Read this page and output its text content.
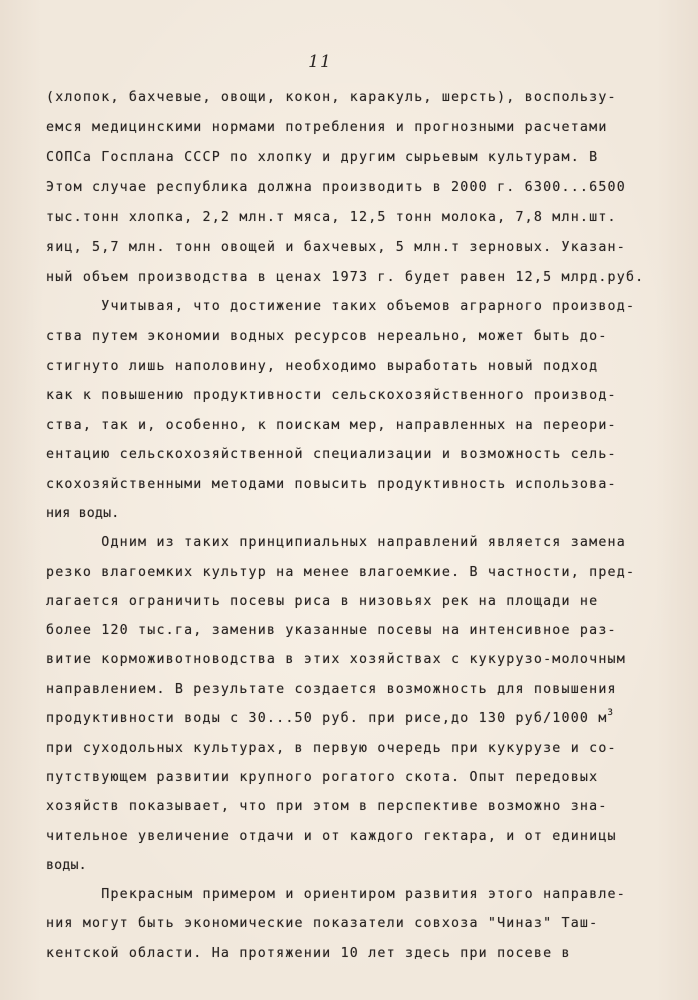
11
(хлопок, бахчевые, овощи, кокон, каракуль, шерсть), воспользу-
емся медицинскими нормами потребления и прогнозными расчетами
СОПСа Госплана СССР по хлопку и другим сырьевым культурам. В
Этом случае республика должна производить в 2000 г. 6300...6500
тыс.тонн хлопка, 2,2 млн.т мяса, 12,5 тонн молока, 7,8 млн.шт.
яиц, 5,7 млн. тонн овощей и бахчевых, 5 млн.т зерновых. Указан-
ный объем производства в ценах 1973 г. будет равен 12,5 млрд.руб.
Учитывая, что достижение таких объемов аграрного производ-
ства путем экономии водных ресурсов нереально, может быть до-
стигнуто лишь наполовину, необходимо выработать новый подход
как к повышению продуктивности сельскохозяйственного производ-
ства, так и, особенно, к поискам мер, направленных на переори-
ентацию сельскохозяйственной специализации и возможность сель-
скохозяйственными методами повысить продуктивность использова-
ния воды.
Одним из таких принципиальных направлений является замена
резко влагоемких культур на менее влагоемкие. В частности, пред-
лагается ограничить посевы риса в низовьях рек на площади не
более 120 тыс.га, заменив указанные посевы на интенсивное раз-
витие корможивотноводства в этих хозяйствах с кукурузо-молочным
направлением. В результате создается возможность для повышения
продуктивности воды с 30...50 руб. при рисе,до 130 руб/1000 $м^3$
при суходольных культурах, в первую очередь при кукурузе и со-
путствующем развитии крупного рогатого скота. Опыт передовых
хозяйств показывает, что при этом в перспективе возможно зна-
чительное увеличение отдачи и от каждого гектара, и от единицы
воды.
Прекрасным примером и ориентиром развития этого направле-
ния могут быть экономические показатели совхоза "Чиназ" Таш-
кентской области. На протяжении 10 лет здесь при посеве в
